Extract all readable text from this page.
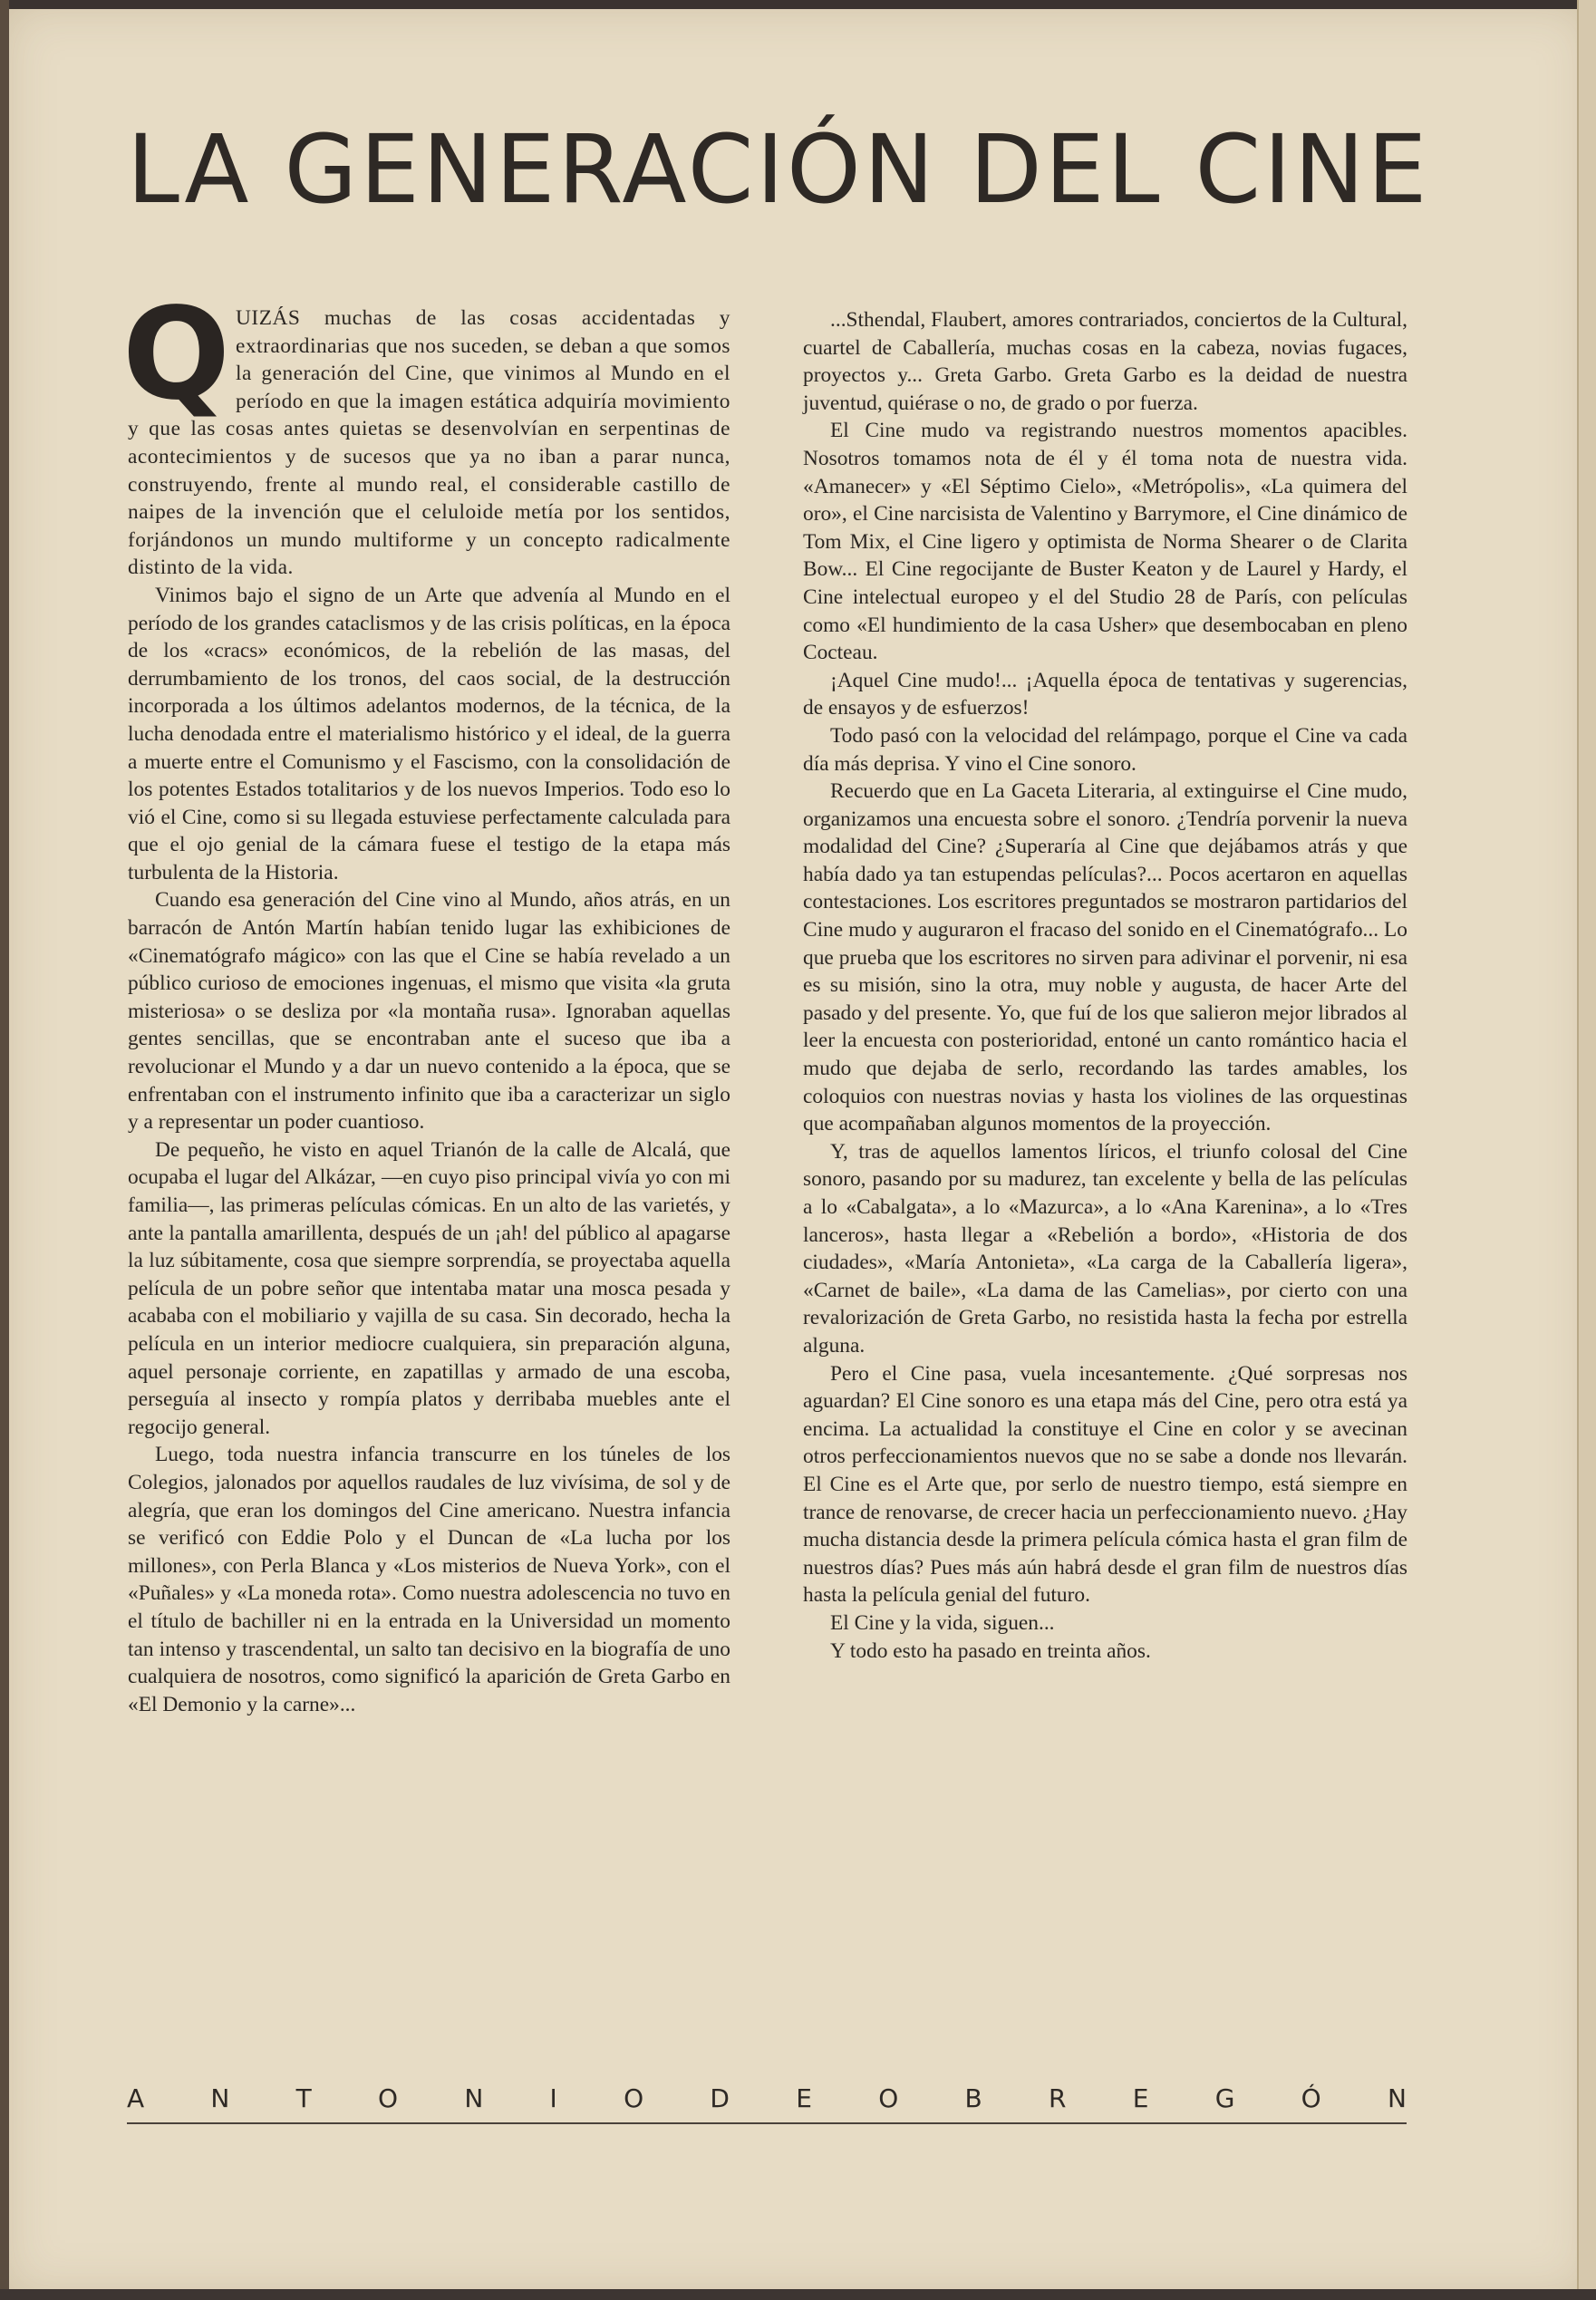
LA GENERACIÓN DEL CINE

QUIZÁS muchas de las cosas accidentadas y extraordinarias que nos suceden, se deban a que somos la generación del Cine, que vinimos al Mundo en el período en que la imagen estática adquiría movimiento y que las cosas antes quietas se desenvolvían en serpentinas de acontecimientos y de sucesos que ya no iban a parar nunca, construyendo, frente al mundo real, el considerable castillo de naipes de la invención que el celuloide metía por los sentidos, forjándonos un mundo multiforme y un concepto radicalmente distinto de la vida.

Vinimos bajo el signo de un Arte que advenía al Mundo en el período de los grandes cataclismos y de las crisis políticas, en la época de los «cracs» económicos, de la rebelión de las masas, del derrumbamiento de los tronos, del caos social, de la destrucción incorporada a los últimos adelantos modernos, de la técnica, de la lucha denodada entre el materialismo histórico y el ideal, de la guerra a muerte entre el Comunismo y el Fascismo, con la consolidación de los potentes Estados totalitarios y de los nuevos Imperios. Todo eso lo vió el Cine, como si su llegada estuviese perfectamente calculada para que el ojo genial de la cámara fuese el testigo de la etapa más turbulenta de la Historia.

Cuando esa generación del Cine vino al Mundo, años atrás, en un barracón de Antón Martín habían tenido lugar las exhibiciones de «Cinematógrafo mágico» con las que el Cine se había revelado a un público curioso de emociones ingenuas, el mismo que visita «la gruta misteriosa» o se desliza por «la montaña rusa». Ignoraban aquellas gentes sencillas, que se encontraban ante el suceso que iba a revolucionar el Mundo y a dar un nuevo contenido a la época, que se enfrentaban con el instrumento infinito que iba a caracterizar un siglo y a representar un poder cuantioso.

De pequeño, he visto en aquel Trianón de la calle de Alcalá, que ocupaba el lugar del Alkázar, —en cuyo piso principal vivía yo con mi familia—, las primeras películas cómicas. En un alto de las varietés, y ante la pantalla amarillenta, después de un ¡ah! del público al apagarse la luz súbitamente, cosa que siempre sorprendía, se proyectaba aquella película de un pobre señor que intentaba matar una mosca pesada y acababa con el mobiliario y vajilla de su casa. Sin decorado, hecha la película en un interior mediocre cualquiera, sin preparación alguna, aquel personaje corriente, en zapatillas y armado de una escoba, perseguía al insecto y rompía platos y derribaba muebles ante el regocijo general.

Luego, toda nuestra infancia transcurre en los túneles de los Colegios, jalonados por aquellos raudales de luz vivísima, de sol y de alegría, que eran los domingos del Cine americano. Nuestra infancia se verificó con Eddie Polo y el Duncan de «La lucha por los millones», con Perla Blanca y «Los misterios de Nueva York», con el «Puñales» y «La moneda rota». Como nuestra adolescencia no tuvo en el título de bachiller ni en la entrada en la Universidad un momento tan intenso y trascendental, un salto tan decisivo en la biografía de uno cualquiera de nosotros, como significó la aparición de Greta Garbo en «El Demonio y la carne»...

...Sthendal, Flaubert, amores contrariados, conciertos de la Cultural, cuartel de Caballería, muchas cosas en la cabeza, novias fugaces, proyectos y... Greta Garbo. Greta Garbo es la deidad de nuestra juventud, quiérase o no, de grado o por fuerza.

El Cine mudo va registrando nuestros momentos apacibles. Nosotros tomamos nota de él y él toma nota de nuestra vida. «Amanecer» y «El Séptimo Cielo», «Metrópolis», «La quimera del oro», el Cine narcisista de Valentino y Barrymore, el Cine dinámico de Tom Mix, el Cine ligero y optimista de Norma Shearer o de Clarita Bow... El Cine regocijante de Buster Keaton y de Laurel y Hardy, el Cine intelectual europeo y el del Studio 28 de París, con películas como «El hundimiento de la casa Usher» que desembocaban en pleno Cocteau.

¡Aquel Cine mudo!... ¡Aquella época de tentativas y sugerencias, de ensayos y de esfuerzos!

Todo pasó con la velocidad del relámpago, porque el Cine va cada día más deprisa. Y vino el Cine sonoro.

Recuerdo que en La Gaceta Literaria, al extinguirse el Cine mudo, organizamos una encuesta sobre el sonoro. ¿Tendría porvenir la nueva modalidad del Cine? ¿Superaría al Cine que dejábamos atrás y que había dado ya tan estupendas películas?... Pocos acertaron en aquellas contestaciones. Los escritores preguntados se mostraron partidarios del Cine mudo y auguraron el fracaso del sonido en el Cinematógrafo... Lo que prueba que los escritores no sirven para adivinar el porvenir, ni esa es su misión, sino la otra, muy noble y augusta, de hacer Arte del pasado y del presente. Yo, que fuí de los que salieron mejor librados al leer la encuesta con posterioridad, entoné un canto romántico hacia el mudo que dejaba de serlo, recordando las tardes amables, los coloquios con nuestras novias y hasta los violines de las orquestinas que acompañaban algunos momentos de la proyección.

Y, tras de aquellos lamentos líricos, el triunfo colosal del Cine sonoro, pasando por su madurez, tan excelente y bella de las películas a lo «Cabalgata», a lo «Mazurca», a lo «Ana Karenina», a lo «Tres lanceros», hasta llegar a «Rebelión a bordo», «Historia de dos ciudades», «María Antonieta», «La carga de la Caballería ligera», «Carnet de baile», «La dama de las Camelias», por cierto con una revalorización de Greta Garbo, no resistida hasta la fecha por estrella alguna.

Pero el Cine pasa, vuela incesantemente. ¿Qué sorpresas nos aguardan? El Cine sonoro es una etapa más del Cine, pero otra está ya encima. La actualidad la constituye el Cine en color y se avecinan otros perfeccionamientos nuevos que no se sabe a donde nos llevarán. El Cine es el Arte que, por serlo de nuestro tiempo, está siempre en trance de renovarse, de crecer hacia un perfeccionamiento nuevo. ¿Hay mucha distancia desde la primera película cómica hasta el gran film de nuestros días? Pues más aún habrá desde el gran film de nuestros días hasta la película genial del futuro.

El Cine y la vida, siguen...

Y todo esto ha pasado en treinta años.

A	N	T	O	N	I	O	D	E	O	B	R	E	G	Ó	N
